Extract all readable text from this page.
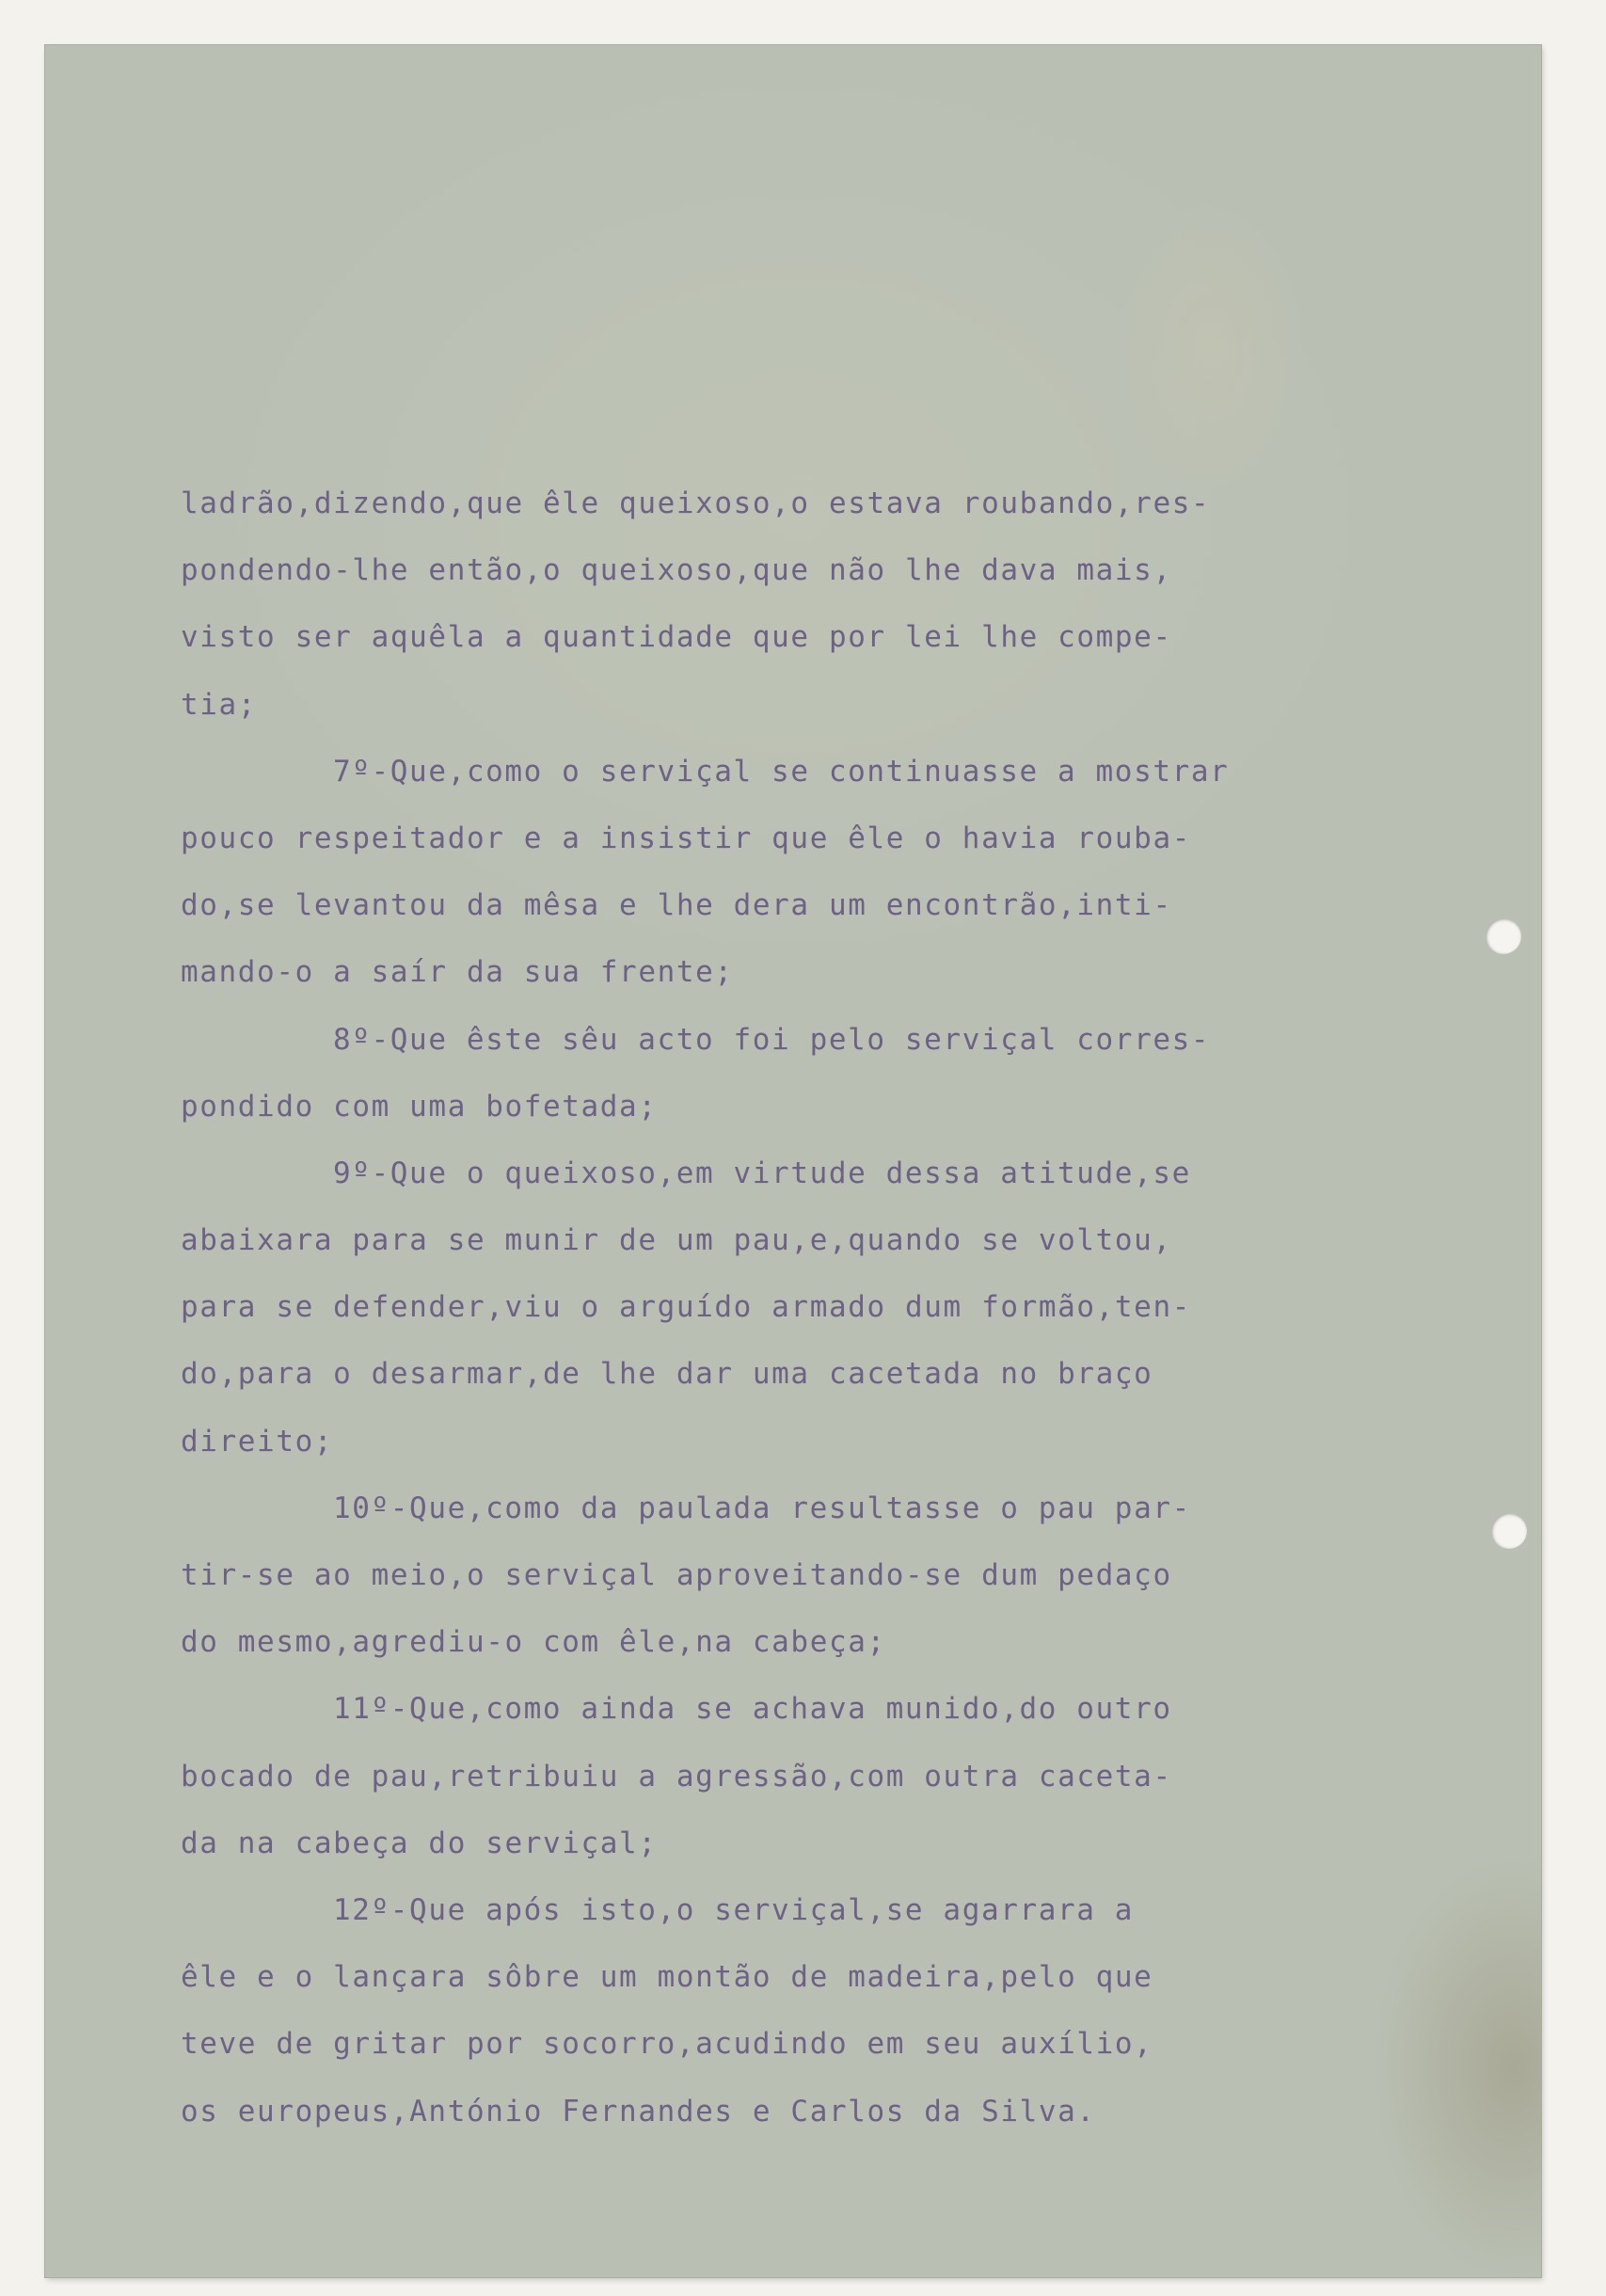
ladrão,dizendo,que êle queixoso,o estava roubando,res-
pondendo-lhe então,o queixoso,que não lhe dava mais,
visto ser aquêla a quantidade que por lei lhe compe-
tia;
7º-Que,como o serviçal se continuasse a mostrar
pouco respeitador e a insistir que êle o havia rouba-
do,se levantou da mêsa e lhe dera um encontrão,inti-
mando-o a saír da sua frente;
8º-Que êste sêu acto foi pelo serviçal corres-
pondido com uma bofetada;
9º-Que o queixoso,em virtude dessa atitude,se
abaixara para se munir de um pau,e,quando se voltou,
para se defender,viu o arguído armado dum formão,ten-
do,para o desarmar,de lhe dar uma cacetada no braço
direito;
10º-Que,como da paulada resultasse o pau par-
tir-se ao meio,o serviçal aproveitando-se dum pedaço
do mesmo,agrediu-o com êle,na cabeça;
11º-Que,como ainda se achava munido,do outro
bocado de pau,retribuiu a agressão,com outra caceta-
da na cabeça do serviçal;
12º-Que após isto,o serviçal,se agarrara a
êle e o lançara sôbre um montão de madeira,pelo que
teve de gritar por socorro,acudindo em seu auxílio,
os europeus,António Fernandes e Carlos da Silva.
